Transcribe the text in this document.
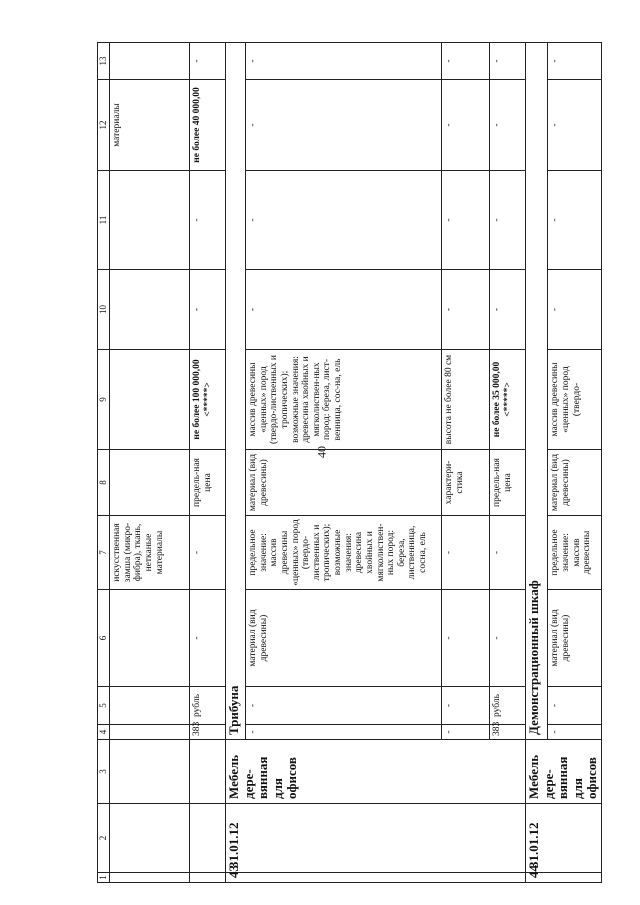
40
1	2	3	4	5	6	7	8	9	10	11	12	13
						искусственная замша (микро-фибра), ткань, нетканые материалы					материалы	
			383	рубль	-	-	предель-ная цена	не более 100 000,00 <*****>	-	-	не более 40 000,00	-
43	31.01.12	Мебель дере-вянная для офисов	Трибуна									
			-	-	материал (вид древесины)	предельное значение: массив древесины «ценных» пород (твердо-лиственных и тропических); возможные значения: древесина хвойных и мягколиствен-ных пород: береза, лиственница, сосна, ель	материал (вид древесины)	массив древесины «ценных» пород (твердо-лиственных и тропических); возможные значения: древесина хвойных и мягколиствен-ных пород: береза, лист-венница, сос-на, ель	-	-	-	-
			-	-	-	-	характери-стика	высота не более 80 см	-	-	-	-
			383	рубль	-	-	предель-ная цена	не более 35 000,00 <*****>	-	-	-	-
44	31.01.12	Мебель дере-вянная для офисов	Демонстрационный шкаф									
			-	-	материал (вид древесины)	предельное значение: массив древесины	материал (вид древесины)	массив древесины «ценных» пород (твердо-	-	-	-	-
